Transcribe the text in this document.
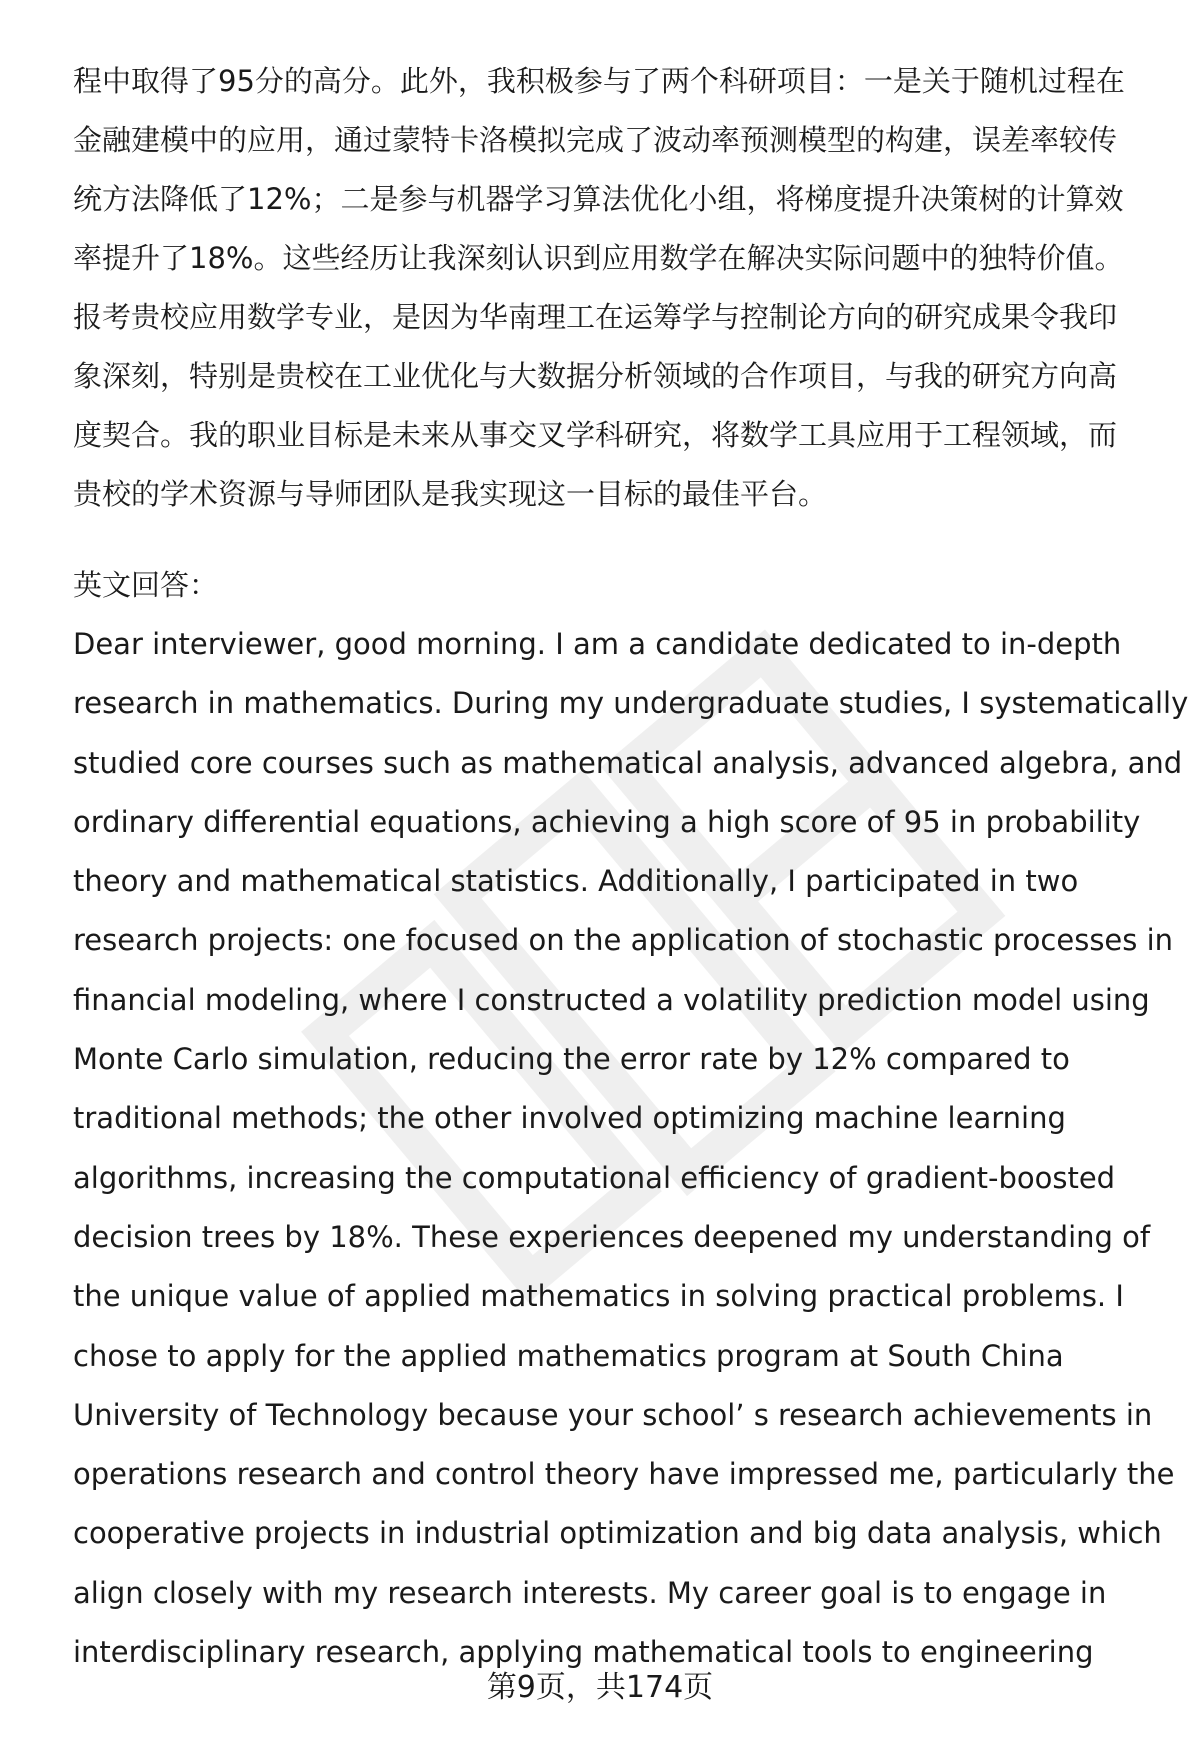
程中取得了95分的高分。此外，我积极参与了两个科研项目：一是关于随机过程在

金融建模中的应用，通过蒙特卡洛模拟完成了波动率预测模型的构建，误差率较传

统方法降低了12%；二是参与机器学习算法优化小组，将梯度提升决策树的计算效

率提升了18%。这些经历让我深刻认识到应用数学在解决实际问题中的独特价值。

报考贵校应用数学专业，是因为华南理工在运筹学与控制论方向的研究成果令我印

象深刻，特别是贵校在工业优化与大数据分析领域的合作项目，与我的研究方向高

度契合。我的职业目标是未来从事交叉学科研究，将数学工具应用于工程领域，而

贵校的学术资源与导师团队是我实现这一目标的最佳平台。

英文回答：

Dear interviewer, good morning. I am a candidate dedicated to in-depth

research in mathematics. During my undergraduate studies, I systematically

studied core courses such as mathematical analysis, advanced algebra, and

ordinary differential equations, achieving a high score of 95 in probability

theory and mathematical statistics. Additionally, I participated in two

research projects: one focused on the application of stochastic processes in

financial modeling, where I constructed a volatility prediction model using

Monte Carlo simulation, reducing the error rate by 12% compared to

traditional methods; the other involved optimizing machine learning

algorithms, increasing the computational efficiency of gradient-boosted

decision trees by 18%. These experiences deepened my understanding of

the unique value of applied mathematics in solving practical problems. I

chose to apply for the applied mathematics program at South China

University of Technology because your school’ s research achievements in

operations research and control theory have impressed me, particularly the

cooperative projects in industrial optimization and big data analysis, which

align closely with my research interests. My career goal is to engage in

interdisciplinary research, applying mathematical tools to engineering

第9页，共174页
